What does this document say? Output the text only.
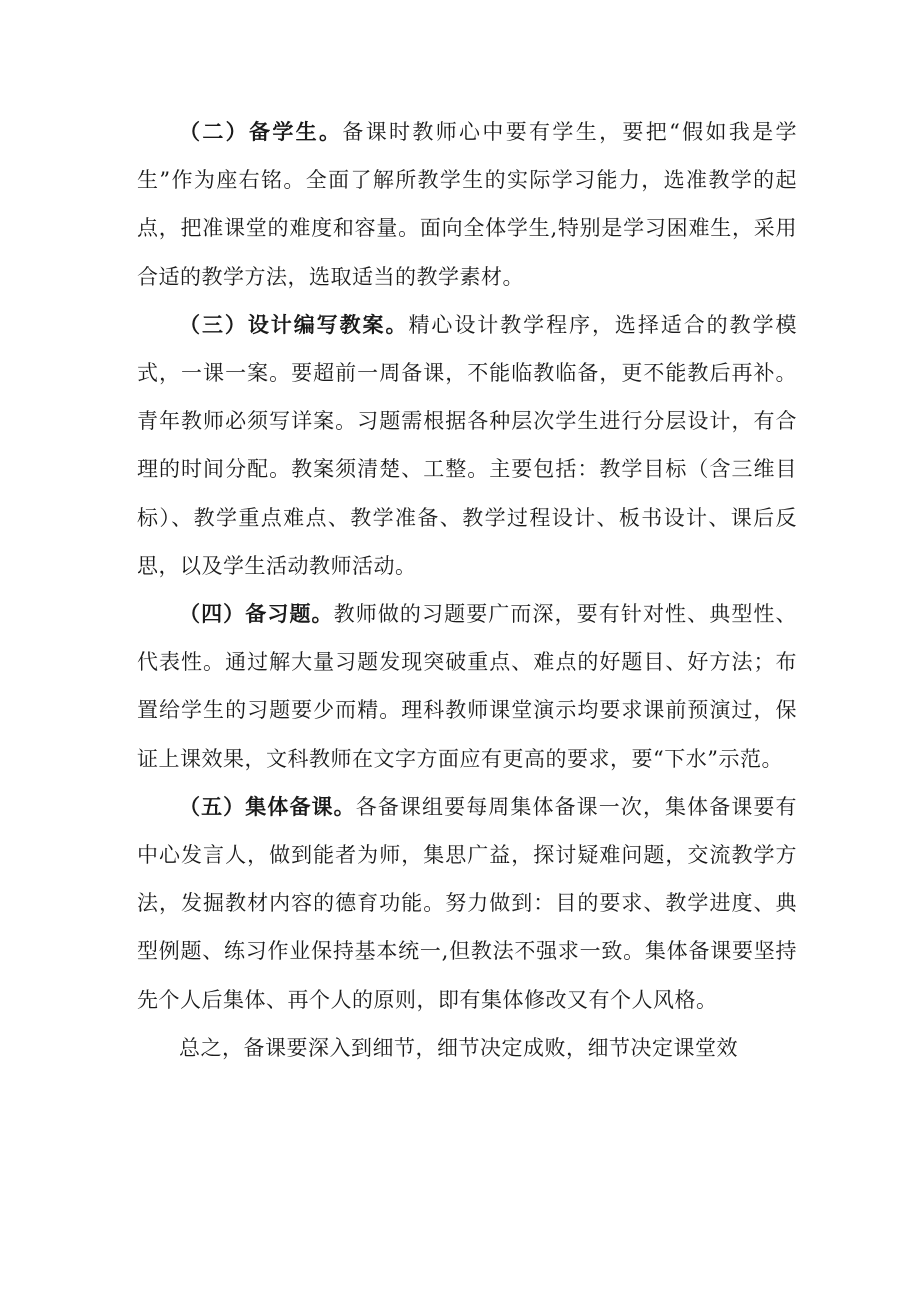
（二）备学生。备课时教师心中要有学生，要把“假如我是学生”作为座右铭。全面了解所教学生的实际学习能力，选准教学的起点，把准课堂的难度和容量。面向全体学生,特别是学习困难生，采用合适的教学方法，选取适当的教学素材。

（三）设计编写教案。精心设计教学程序，选择适合的教学模式，一课一案。要超前一周备课，不能临教临备，更不能教后再补。青年教师必须写详案。习题需根据各种层次学生进行分层设计，有合理的时间分配。教案须清楚、工整。主要包括：教学目标（含三维目标）、教学重点难点、教学准备、教学过程设计、板书设计、课后反思，以及学生活动教师活动。

（四）备习题。教师做的习题要广而深，要有针对性、典型性、代表性。通过解大量习题发现突破重点、难点的好题目、好方法；布置给学生的习题要少而精。理科教师课堂演示均要求课前预演过，保证上课效果，文科教师在文字方面应有更高的要求，要“下水”示范。

（五）集体备课。各备课组要每周集体备课一次，集体备课要有中心发言人，做到能者为师，集思广益，探讨疑难问题，交流教学方法，发掘教材内容的德育功能。努力做到：目的要求、教学进度、典型例题、练习作业保持基本统一,但教法不强求一致。集体备课要坚持先个人后集体、再个人的原则，即有集体修改又有个人风格。

总之，备课要深入到细节，细节决定成败，细节决定课堂效
